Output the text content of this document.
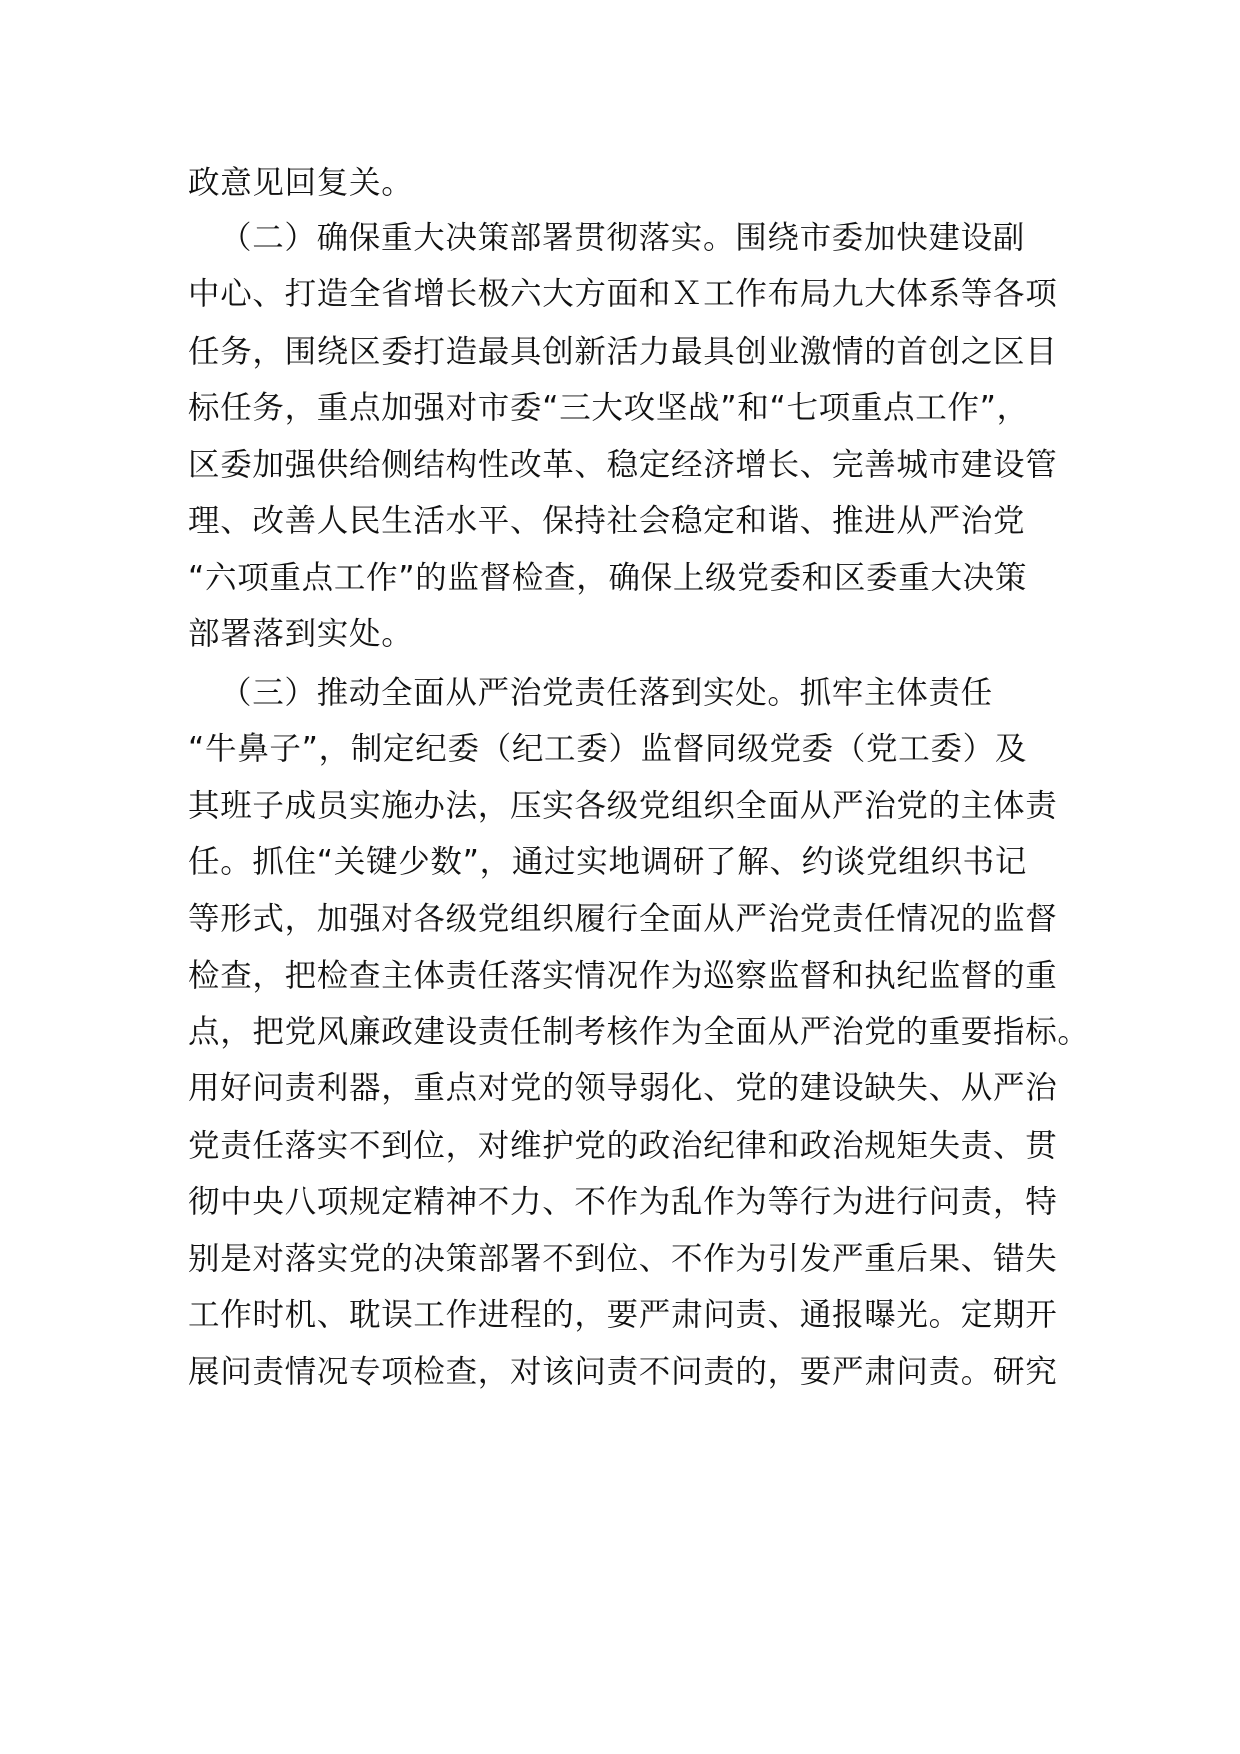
政意见回复关。

（二）确保重大决策部署贯彻落实。围绕市委加快建设副

中心、打造全省增长极六大方面和Ｘ工作布局九大体系等各项

任务，围绕区委打造最具创新活力最具创业激情的首创之区目

标任务，重点加强对市委“三大攻坚战”和“七项重点工作”，

区委加强供给侧结构性改革、稳定经济增长、完善城市建设管

理、改善人民生活水平、保持社会稳定和谐、推进从严治党

“六项重点工作”的监督检查，确保上级党委和区委重大决策

部署落到实处。

（三）推动全面从严治党责任落到实处。抓牢主体责任

“牛鼻子”，制定纪委（纪工委）监督同级党委（党工委）及

其班子成员实施办法，压实各级党组织全面从严治党的主体责

任。抓住“关键少数”，通过实地调研了解、约谈党组织书记

等形式，加强对各级党组织履行全面从严治党责任情况的监督

检查，把检查主体责任落实情况作为巡察监督和执纪监督的重

点，把党风廉政建设责任制考核作为全面从严治党的重要指标。

用好问责利器，重点对党的领导弱化、党的建设缺失、从严治

党责任落实不到位，对维护党的政治纪律和政治规矩失责、贯

彻中央八项规定精神不力、不作为乱作为等行为进行问责，特

别是对落实党的决策部署不到位、不作为引发严重后果、错失

工作时机、耽误工作进程的，要严肃问责、通报曝光。定期开

展问责情况专项检查，对该问责不问责的，要严肃问责。研究
